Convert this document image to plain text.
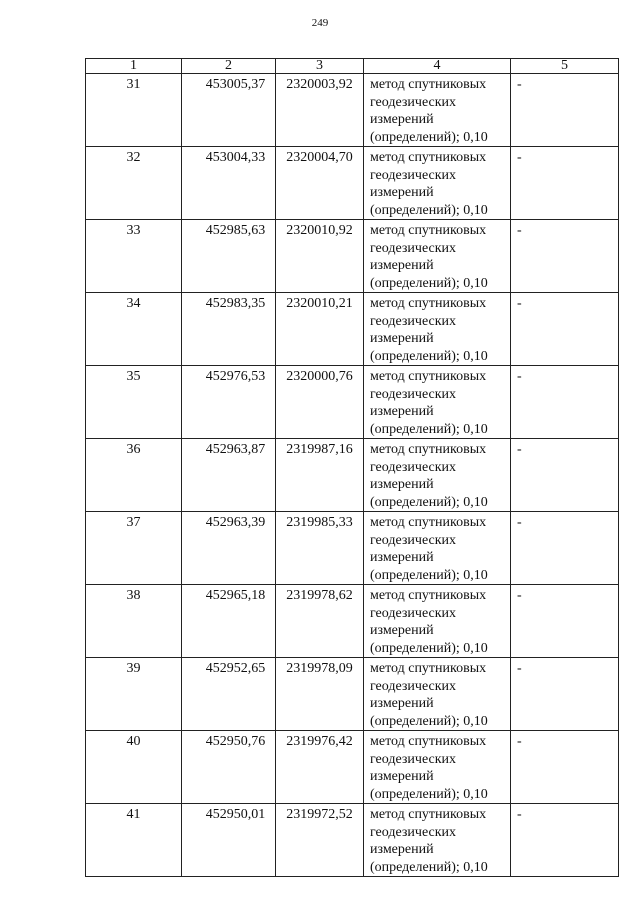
249
1	2	3	4	5
31	453005,37	2320003,92	метод спутниковых геодезических измерений (определений); 0,10	-
32	453004,33	2320004,70	метод спутниковых геодезических измерений (определений); 0,10	-
33	452985,63	2320010,92	метод спутниковых геодезических измерений (определений); 0,10	-
34	452983,35	2320010,21	метод спутниковых геодезических измерений (определений); 0,10	-
35	452976,53	2320000,76	метод спутниковых геодезических измерений (определений); 0,10	-
36	452963,87	2319987,16	метод спутниковых геодезических измерений (определений); 0,10	-
37	452963,39	2319985,33	метод спутниковых геодезических измерений (определений); 0,10	-
38	452965,18	2319978,62	метод спутниковых геодезических измерений (определений); 0,10	-
39	452952,65	2319978,09	метод спутниковых геодезических измерений (определений); 0,10	-
40	452950,76	2319976,42	метод спутниковых геодезических измерений (определений); 0,10	-
41	452950,01	2319972,52	метод спутниковых геодезических измерений (определений); 0,10	-
